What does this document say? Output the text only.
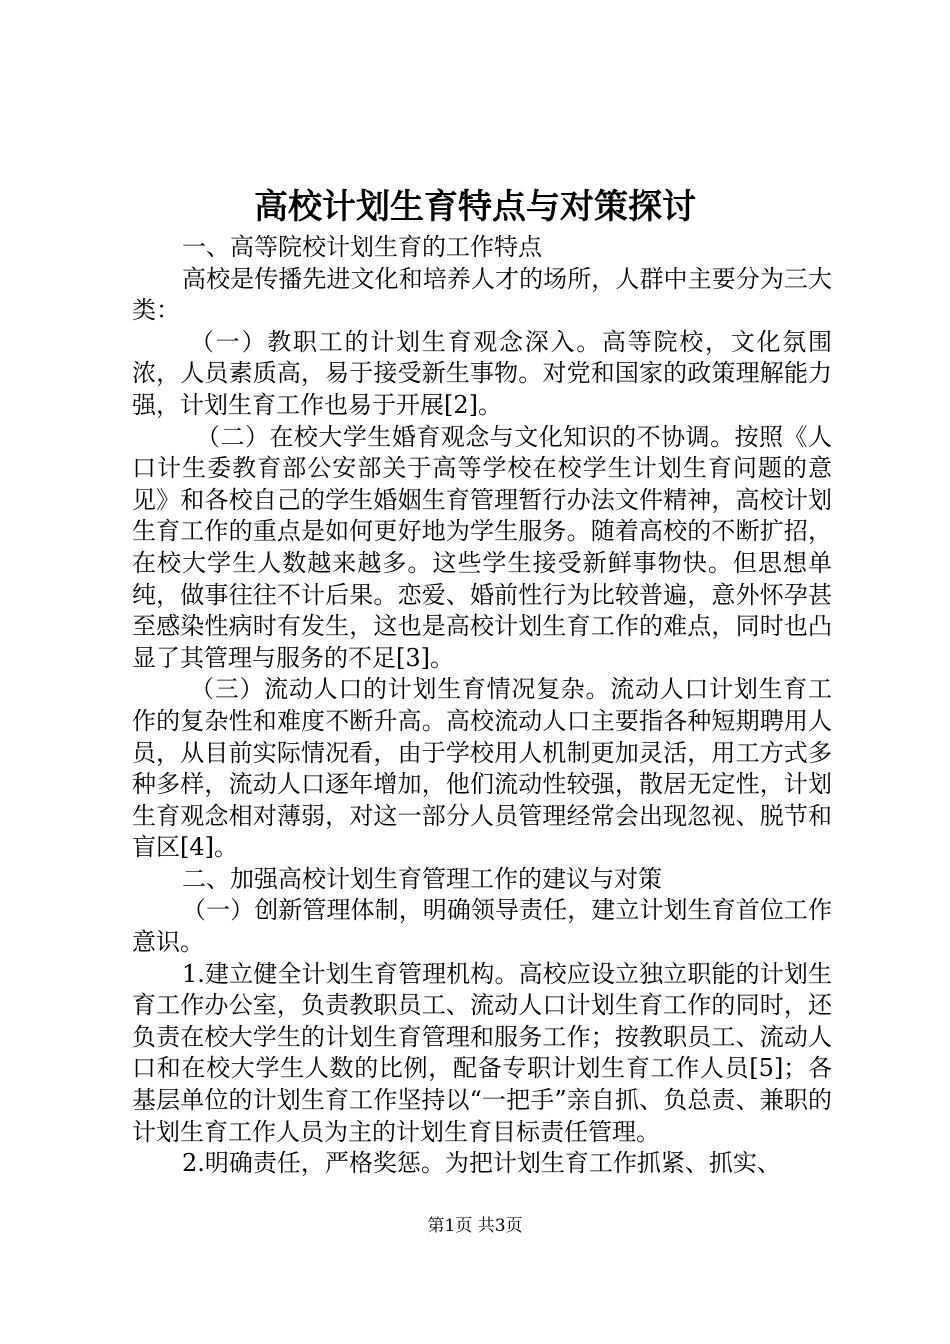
高校计划生育特点与对策探讨

一、高等院校计划生育的工作特点

高校是传播先进文化和培养人才的场所，人群中主要分为三大类：

（一）教职工的计划生育观念深入。高等院校，文化氛围浓，人员素质高，易于接受新生事物。对党和国家的政策理解能力强，计划生育工作也易于开展[2]。

（二）在校大学生婚育观念与文化知识的不协调。按照《人口计生委教育部公安部关于高等学校在校学生计划生育问题的意见》和各校自己的学生婚姻生育管理暂行办法文件精神，高校计划生育工作的重点是如何更好地为学生服务。随着高校的不断扩招，在校大学生人数越来越多。这些学生接受新鲜事物快。但思想单纯，做事往往不计后果。恋爱、婚前性行为比较普遍，意外怀孕甚至感染性病时有发生，这也是高校计划生育工作的难点，同时也凸显了其管理与服务的不足[3]。

（三）流动人口的计划生育情况复杂。流动人口计划生育工作的复杂性和难度不断升高。高校流动人口主要指各种短期聘用人员，从目前实际情况看，由于学校用人机制更加灵活，用工方式多种多样，流动人口逐年增加，他们流动性较强，散居无定性，计划生育观念相对薄弱，对这一部分人员管理经常会出现忽视、脱节和盲区[4]。

二、加强高校计划生育管理工作的建议与对策

（一）创新管理体制，明确领导责任，建立计划生育首位工作意识。

1.建立健全计划生育管理机构。高校应设立独立职能的计划生育工作办公室，负责教职员工、流动人口计划生育工作的同时，还负责在校大学生的计划生育管理和服务工作；按教职员工、流动人口和在校大学生人数的比例，配备专职计划生育工作人员[5]；各基层单位的计划生育工作坚持以“一把手”亲自抓、负总责、兼职的计划生育工作人员为主的计划生育目标责任管理。

2.明确责任，严格奖惩。为把计划生育工作抓紧、抓实、

第1页 共3页
